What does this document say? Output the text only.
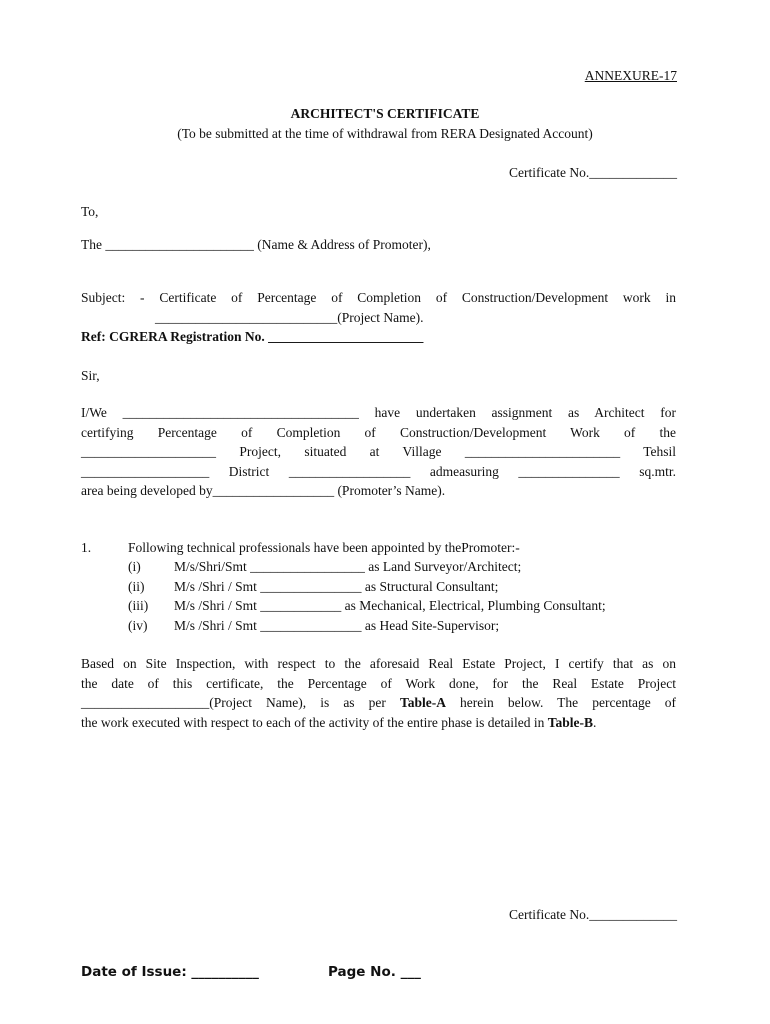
ANNEXURE-17
ARCHITECT'S CERTIFICATE
(To be submitted at the time of withdrawal from RERA Designated Account)
Certificate No._____________
To,
The ______________________ (Name & Address of Promoter),
Subject: - Certificate of Percentage of Completion of Construction/Development work in
___________________________(Project Name).
Ref: CGRERA Registration No. _______________________
Sir,
I/We ___________________________________ have undertaken assignment as Architect for
certifying Percentage of Completion of Construction/Development Work of the
____________________ Project, situated at Village _______________________ Tehsil
___________________ District __________________ admeasuring _______________ sq.mtr.
area being developed by__________________ (Promoter’s Name).
1.	Following technical professionals have been appointed by thePromoter:-
(i) M/s/Shri/Smt _________________ as Land Surveyor/Architect;
(ii) M/s /Shri / Smt _______________ as Structural Consultant;
(iii) M/s /Shri / Smt ____________ as Mechanical, Electrical, Plumbing Consultant;
(iv) M/s /Shri / Smt _______________ as Head Site-Supervisor;
Based on Site Inspection, with respect to the aforesaid Real Estate Project, I certify that as on
the date of this certificate, the Percentage of Work done, for the Real Estate Project
___________________(Project Name), is as per Table-A herein below. The percentage of
the work executed with respect to each of the activity of the entire phase is detailed in Table-B.
Certificate No._____________
Date of Issue: __________	Page No. ___
